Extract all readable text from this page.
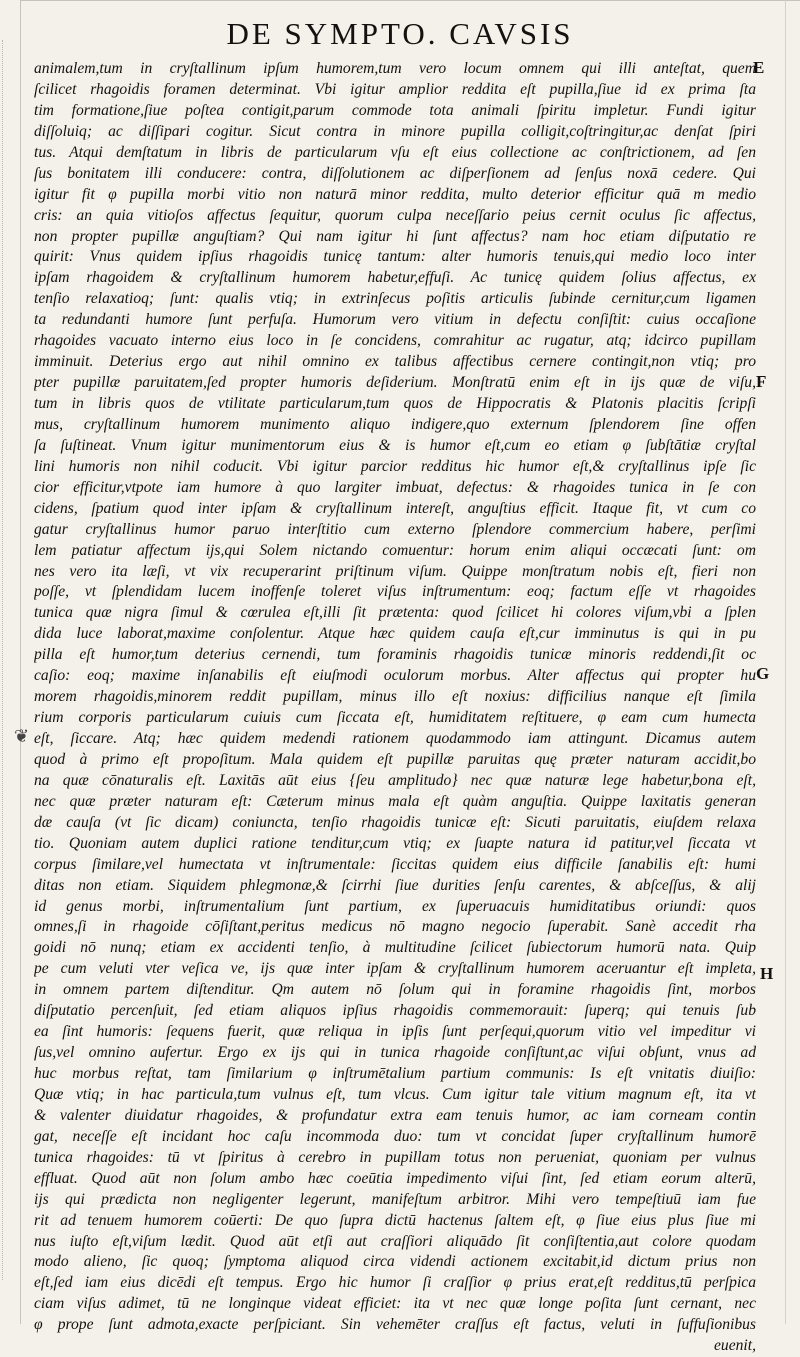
DE SYMPTO. CAVSIS
animalem,tum in cryſtallinum ipſum humorem,tum vero locum omnem qui illi anteſtat, quem
ſcilicet rhagoidis foramen determinat. Vbi igitur amplior reddita eſt pupilla,ſiue id ex prima ſta
tim formatione,ſiue poſtea contigit,parum commode tota animali ſpiritu impletur. Fundi igitur
diſſoluiq; ac diſſipari cogitur. Sicut contra in minore pupilla colligit,coſtringitur,ac denſat ſpiri
tus. Atqui demſtatum in libris de particularum vſu eſt eius collectione ac conſtrictionem, ad ſen
ſus bonitatem illi conducere: contra, diſſolutionem ac diſperſionem ad ſenſus noxā cedere. Qui
igitur fit φ pupilla morbi vitio non naturā minor reddita, multo deterior efficitur quā m medio
cris: an quia vitioſos affectus ſequitur, quorum culpa neceſſario peius cernit oculus ſic affectus,
non propter pupillæ anguſtiam? Qui nam igitur hi ſunt affectus? nam hoc etiam diſputatio re
quirit: Vnus quidem ipſius rhagoidis tunicę tantum: alter humoris tenuis,qui medio loco inter
ipſam rhagoidem & cryſtallinum humorem habetur,effuſi. Ac tunicę quidem ſolius affectus, ex
tenſio relaxatioq; ſunt: qualis vtiq; in extrinſecus poſitis articulis ſubinde cernitur,cum ligamen
ta redundanti humore ſunt perfuſa. Humorum vero vitium in defectu conſiſtit: cuius occaſione
rhagoides vacuato interno eius loco in ſe concidens, coтrahitur ac rugatur, atq; idcirco pupillam
imminuit. Deterius ergo aut nihil omnino ex talibus affectibus cernere contingit,non vtiq; pro
pter pupillæ paruitatem,ſed propter humoris deſiderium. Monſtratū enim eſt in ijs quæ de viſu,
tum in libris quos de vtilitate particularum,tum quos de Hippocratis & Platonis placitis ſcripſi
mus, cryſtallinum humorem munimento aliquo indigere,quo externum ſplendorem ſine offen
ſa ſuſtineat. Vnum igitur munimentorum eius & is humor eſt,cum eo etiam φ ſubſtātiæ cryſtal
lini humoris non nihil coducit. Vbi igitur parcior redditus hic humor eſt,& cryſtallinus ipſe ſic
cior efficitur,vtpote iam humore à quo largiter imbuat, defectus: & rhagoides tunica in ſe con
cidens, ſpatium quod inter ipſam & cryſtallinum intereſt, anguſtius efficit. Itaque fit, vt cum co
gatur cryſtallinus humor paruo interſtitio cum externo ſplendore commercium habere, perſimi
lem patiatur affectum ijs,qui Solem nictando coтuentur: horum enim aliqui occæcati ſunt: om
nes vero ita læſi, vt vix recuperarint priſtinum viſum. Quippe monſtratum nobis eſt, fieri non
poſſe, vt ſplendidam lucem inoffenſe toleret viſus inſtrumentum: eoq; factum eſſe vt rhagoides
tunica quæ nigra ſimul & cœrulea eſt,illi ſit prætenta: quod ſcilicet hi colores viſum,vbi a ſplen
dida luce laborat,maxime conſolentur. Atque hæc quidem cauſa eſt,cur imminutus is qui in pu
pilla eſt humor,tum deterius cernendi, tum foraminis rhagoidis tunicæ minoris reddendi,ſit oc
caſio: eoq; maxime inſanabilis eſt eiuſmodi oculorum morbus. Alter affectus qui propter hu
morem rhagoidis,minorem reddit pupillam, minus illo eſt noxius: difficilius nanque eſt ſimila
rium corporis particularum cuiuis cum ſiccata eſt, humiditatem reſtituere, φ eam cum humecta
eſt, ſiccare. Atq; hæc quidem medendi rationem quodammodo iam attingunt. Dicamus autem
quod à primo eſt propoſitum. Mala quidem eſt pupillæ paruitas quę præter naturam accidit,bo
na quæ cōnaturalis eſt. Laxitās aūt eius {ſeu amplitudo} nec quæ naturæ lege habetur,bona eſt,
nec quæ præter naturam eſt: Cæterum minus mala eſt quàm anguſtia. Quippe laxitatis generan
dæ cauſa (vt ſic dicam) coniuncta, tenſio rhagoidis tunicæ eſt: Sicuti paruitatis, eiuſdem relaxa
tio. Quoniam autem duplici ratione tenditur,cum vtiq; ex ſuapte natura id patitur,vel ſiccata vt
corpus ſimilare,vel humectata vt inſtrumentale: ſiccitas quidem eius difficile ſanabilis eſt: humi
ditas non etiam. Siquidem phlegmonæ,& ſcirrhi ſiue durities ſenſu carentes, & abſceſſus, & alij
id genus morbi, inſtrumentalium ſunt partium, ex ſuperuacuis humiditatibus oriundi: quos
omnes,ſi in rhagoide cōſiſtant,peritus medicus nō magno negocio ſuperabit. Sanè accedit rha
goidi nō nunq; etiam ex accidenti tenſio, à multitudine ſcilicet ſubiectorum humorū nata. Quip
pe cum veluti vter veſica ve, ijs quæ inter ipſam & cryſtallinum humorem aceruantur eſt impleta,
in omnem partem diſtenditur. Qm autem nō ſolum qui in foramine rhagoidis ſint, morbos
diſputatio percenſuit, ſed etiam aliquos ipſius rhagoidis commemorauit: ſuperq; qui tenuis ſub
ea ſint humoris: ſequens fuerit, quæ reliqua in ipſis ſunt perſequi,quorum vitio vel impeditur vi
ſus,vel omnino aufertur. Ergo ex ijs qui in tunica rhagoide conſiſtunt,ac viſui obſunt, vnus ad
huc morbus reſtat, tam ſimilarium φ inſtrumētalium partium communis: Is eſt vnitatis diuiſio:
Quæ vtiq; in hac particula,tum vulnus eſt, tum vlcus. Cum igitur tale vitium magnum eſt, ita vt
& valenter diuidatur rhagoides, & profundatur extra eam tenuis humor, ac iam corneam contin
gat, neceſſe eſt incidant hoc caſu incommoda duo: tum vt concidat ſuper cryſtallinum humorē
tunica rhagoides: tū vt ſpiritus à cerebro in pupillam totus non perueniat, quoniam per vulnus
effluat. Quod aūt non ſolum ambo hæc coeūtia impedimento viſui ſint, ſed etiam eorum alterū,
ijs qui prædicta non negligenter legerunt, manifeſtum arbitror. Mihi vero tempeſtiuū iam fue
rit ad tenuem humorem coūerti: De quo ſupra dictū hactenus ſaltem eſt, φ ſiue eius plus ſiue mi
nus iuſto eſt,viſum lædit. Quod aūt etſi aut craſſiori aliquādo ſit conſiſtentia,aut colore quodam
modo alieno, ſic quoq; ſymptoma aliquod circa videndi actionem excitabit,id dictum prius non
eſt,ſed iam eius dicēdi eſt tempus. Ergo hic humor ſi craſſior φ prius erat,eſt redditus,tū perſpica
ciam viſus adimet, tū ne longinque videat efficiet: ita vt nec quæ longe poſita ſunt cernant, nec
φ prope ſunt admota,exacte perſpiciant. Sin vehemēter craſſus eſt factus, veluti in ſuffuſionibus
euenit,
E
F
G
H
❦
